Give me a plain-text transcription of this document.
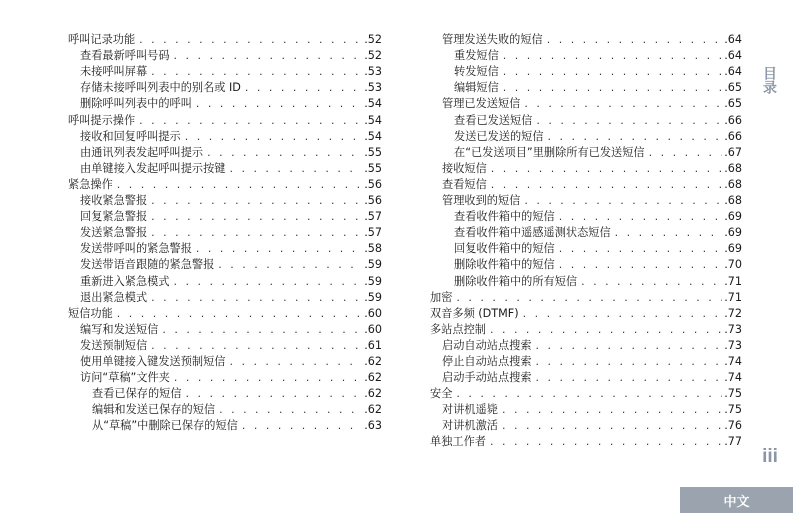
呼叫记录功能 . . .	.52
查看最新呼叫号码 . . .	.52
未接呼叫屏幕 . . .	.53
存储未接呼叫列表中的别名或 ID . . .	.53
删除呼叫列表中的呼叫 . . .	.54
呼叫提示操作 . . .	.54
接收和回复呼叫提示 . . .	.54
由通讯列表发起呼叫提示 . . .	.55
由单键接入发起呼叫提示按键 . . .	.55
紧急操作 . . .	.56
接收紧急警报 . . .	.56
回复紧急警报 . . .	.57
发送紧急警报 . . .	.57
发送带呼叫的紧急警报 . . .	.58
发送带语音跟随的紧急警报 . . .	.59
重新进入紧急模式 . . .	.59
退出紧急模式 . . .	.59
短信功能 . . .	.60
编写和发送短信 . . .	.60
发送预制短信 . . .	.61
使用单键接入键发送预制短信 . . .	.62
访问“草稿”文件夹 . . .	.62
查看已保存的短信 . . .	.62
编辑和发送已保存的短信 . . .	.62
从“草稿”中删除已保存的短信 . . .	.63
管理发送失败的短信 . . .	.64
重发短信 . . .	.64
转发短信 . . .	.64
编辑短信 . . .	.65
管理已发送短信 . . .	.65
查看已发送短信 . . .	.66
发送已发送的短信 . . .	.66
在“已发送项目”里删除所有已发送短信 . . .	.67
接收短信 . . .	.68
查看短信 . . .	.68
管理收到的短信 . . .	.68
查看收件箱中的短信 . . .	.69
查看收件箱中遥感遥测状态短信 . . .	.69
回复收件箱中的短信 . . .	.69
删除收件箱中的短信 . . .	.70
删除收件箱中的所有短信 . . .	.71
加密 . . .	.71
双音多频 (DTMF) . . .	.72
多站点控制 . . .	.73
启动自动站点搜索 . . .	.73
停止自动站点搜索 . . .	.74
启动手动站点搜索 . . .	.74
安全 . . .	.75
对讲机遥毙 . . .	.75
对讲机激活 . . .	.76
单独工作者 . . .	.77
目录
iii
中文
